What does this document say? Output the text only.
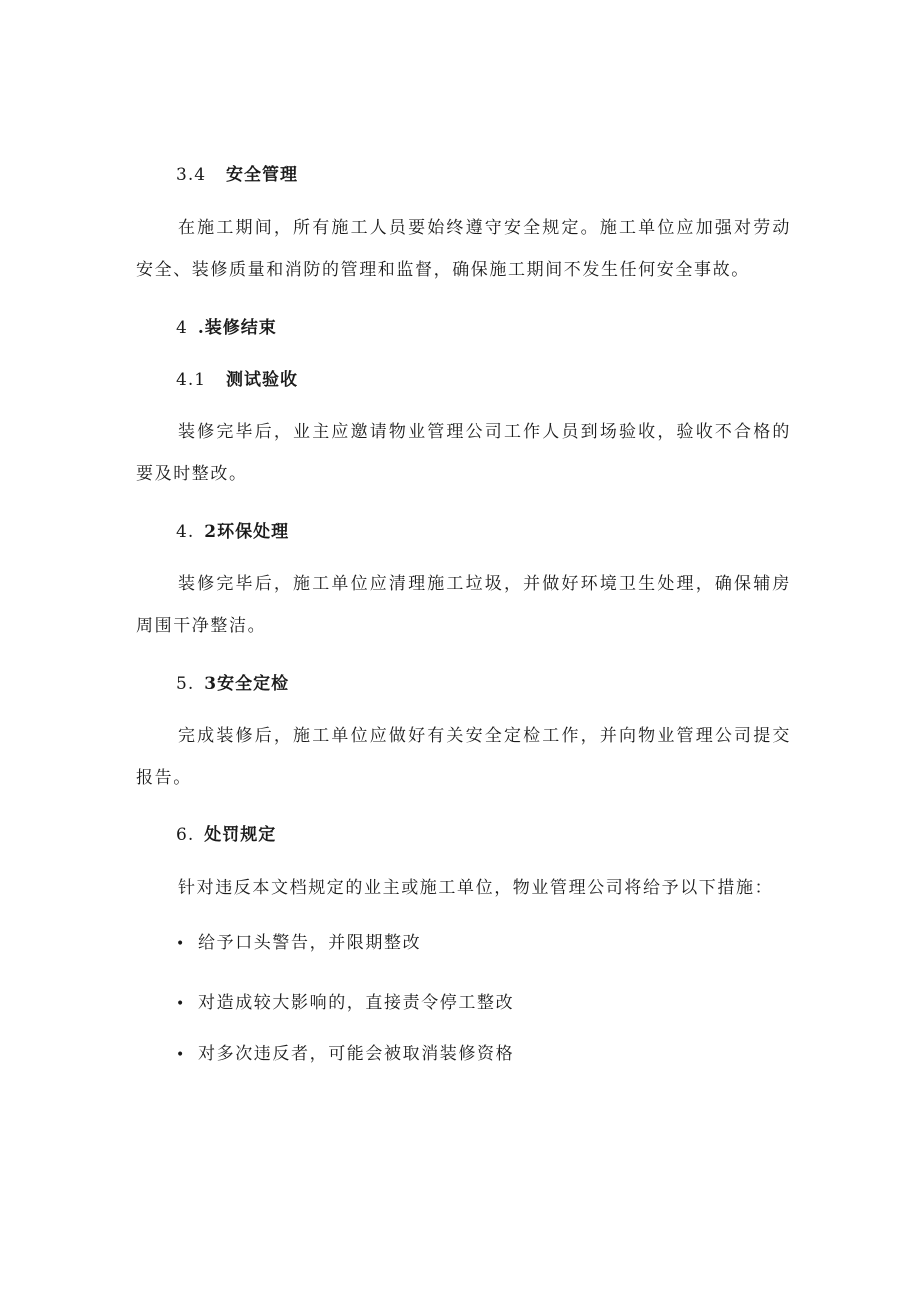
3.4 安全管理

在施工期间，所有施工人员要始终遵守安全规定。施工单位应加强对劳动安全、装修质量和消防的管理和监督，确保施工期间不发生任何安全事故。

4 .装修结束
4.1 测试验收

装修完毕后，业主应邀请物业管理公司工作人员到场验收，验收不合格的要及时整改。

4. 2环保处理

装修完毕后，施工单位应清理施工垃圾，并做好环境卫生处理，确保辅房周围干净整洁。

5. 3安全定检

完成装修后，施工单位应做好有关安全定检工作，并向物业管理公司提交报告。

6. 处罚规定

针对违反本文档规定的业主或施工单位，物业管理公司将给予以下措施：

• 给予口头警告，并限期整改
• 对造成较大影响的，直接责令停工整改
• 对多次违反者，可能会被取消装修资格
